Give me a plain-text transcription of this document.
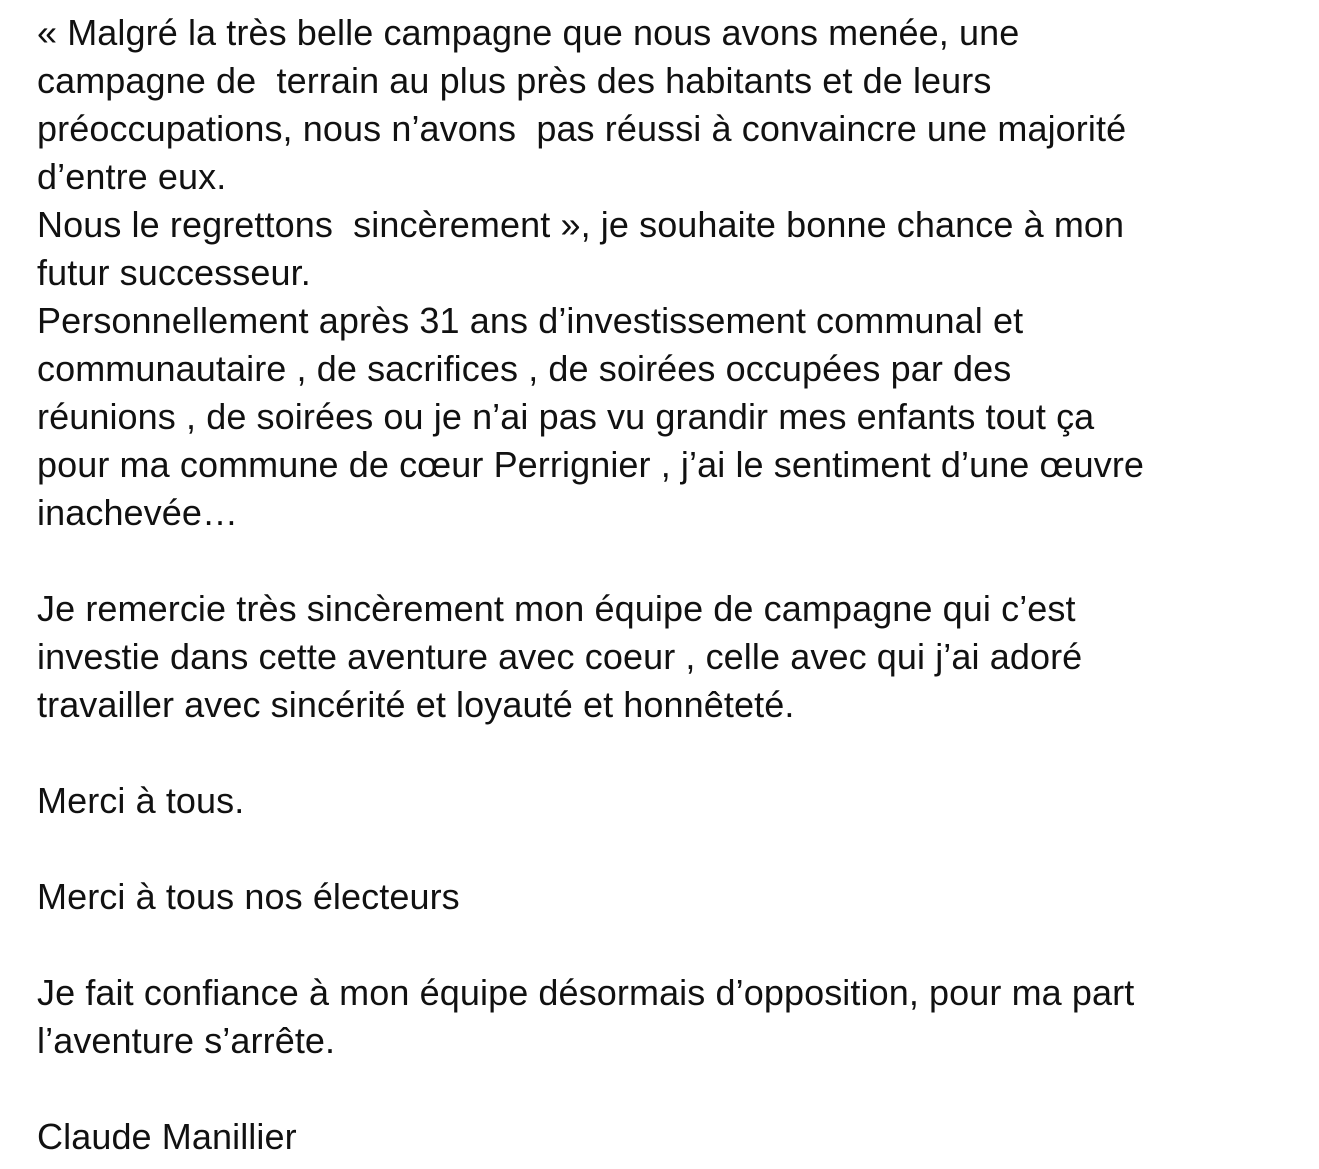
« Malgré la très belle campagne que nous avons menée, une
campagne de  terrain au plus près des habitants et de leurs
préoccupations, nous n’avons  pas réussi à convaincre une majorité
d’entre eux.
Nous le regrettons  sincèrement », je souhaite bonne chance à mon
futur successeur.
Personnellement après 31 ans d’investissement communal et
communautaire , de sacrifices , de soirées occupées par des
réunions , de soirées ou je n’ai pas vu grandir mes enfants tout ça
pour ma commune de cœur Perrignier , j’ai le sentiment d’une œuvre
inachevée…
Je remercie très sincèrement mon équipe de campagne qui c’est
investie dans cette aventure avec coeur , celle avec qui j’ai adoré
travailler avec sincérité et loyauté et honnêteté.
Merci à tous.
Merci à tous nos électeurs
Je fait confiance à mon équipe désormais d’opposition, pour ma part
l’aventure s’arrête.
Claude Manillier
